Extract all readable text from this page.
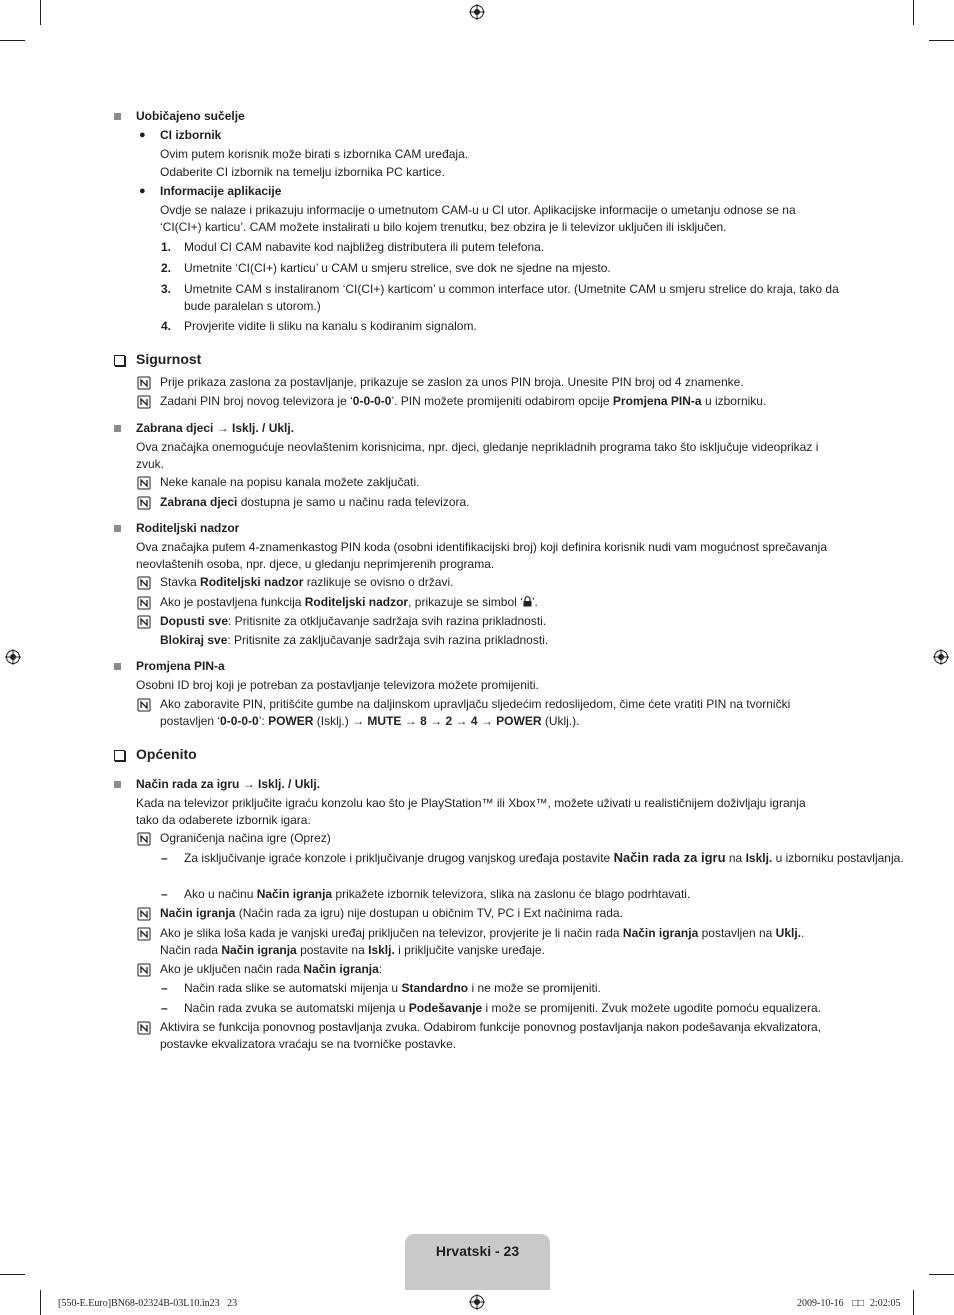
Uobičajeno sučelje
● CI izbornik
Ovim putem korisnik može birati s izbornika CAM uređaja.
Odaberite CI izbornik na temelju izbornika PC kartice.
● Informacije aplikacije
Ovdje se nalaze i prikazuju informacije o umetnutom CAM-u u CI utor. Aplikacijske informacije o umetanju odnose se na ‘CI(CI+) karticu’. CAM možete instalirati u bilo kojem trenutku, bez obzira je li televizor uključen ili isključen.
1. Modul CI CAM nabavite kod najbližeg distributera ili putem telefona.
2. Umetnite ‘CI(CI+) karticu’ u CAM u smjeru strelice, sve dok ne sjedne na mjesto.
3. Umetnite CAM s instaliranom ‘CI(CI+) karticom’ u common interface utor. (Umetnite CAM u smjeru strelice do kraja, tako da bude paralelan s utorom.)
4. Provjerite vidite li sliku na kanalu s kodiranim signalom.
Sigurnost
Prije prikaza zaslona za postavljanje, prikazuje se zaslon za unos PIN broja. Unesite PIN broj od 4 znamenke.
Zadani PIN broj novog televizora je ‘0-0-0-0’. PIN možete promijeniti odabirom opcije Promjena PIN-a u izborniku.
Zabrana djeci → Isklj. / Uklj.
Ova značajka onemogućuje neovlaštenim korisnicima, npr. djeci, gledanje neprikladnih programa tako što isključuje videoprikaz i zvuk.
Neke kanale na popisu kanala možete zaključati.
Zabrana djeci dostupna je samo u načinu rada televizora.
Roditeljski nadzor
Ova značajka putem 4-znamenkastog PIN koda (osobni identifikacijski broj) koji definira korisnik nudi vam mogućnost sprečavanja neovlaštenih osoba, npr. djece, u gledanju neprimjerenih programa.
Stavka Roditeljski nadzor razlikuje se ovisno o državi.
Ako je postavljena funkcija Roditeljski nadzor, prikazuje se simbol ‘ ’.
Dopusti sve: Pritisnite za otključavanje sadržaja svih razina prikladnosti.
Blokiraj sve: Pritisnite za zaključavanje sadržaja svih razina prikladnosti.
Promjena PIN-a
Osobni ID broj koji je potreban za postavljanje televizora možete promijeniti.
Ako zaboravite PIN, pritišćite gumbe na daljinskom upravljaču sljedećim redoslijedom, čime ćete vratiti PIN na tvornički
postavljen ‘0-0-0-0’: POWER (Isklj.) → MUTE → 8 → 2 → 4 → POWER (Uklj.).
Općenito
Način rada za igru → Isklj. / Uklj.
Kada na televizor priključite igraću konzolu kao što je PlayStation™ ili Xbox™, možete uživati u realističnijem doživljaju igranja tako da odaberete izbornik igara.
Ograničenja načina igre (Oprez)
– Za isključivanje igraće konzole i priključivanje drugog vanjskog uređaja postavite Način rada za igru na Isklj. u izborniku postavljanja.
– Ako u načinu Način igranja prikažete izbornik televizora, slika na zaslonu će blago podrhtavati.
Način igranja (Način rada za igru) nije dostupan u običnim TV, PC i Ext načinima rada.
Ako je slika loša kada je vanjski uređaj priključen na televizor, provjerite je li način rada Način igranja postavljen na Uklj..
Način rada Način igranja postavite na Isklj. i priključite vanjske uređaje.
Ako je uključen način rada Način igranja:
– Način rada slike se automatski mijenja u Standardno i ne može se promijeniti.
– Način rada zvuka se automatski mijenja u Podešavanje i može se promijeniti. Zvuk možete ugodite pomoću equalizera.
Aktivira se funkcija ponovnog postavljanja zvuka. Odabirom funkcije ponovnog postavljanja nakon podešavanja ekvalizatora, postavke ekvalizatora vraćaju se na tvorničke postavke.
Hrvatski - 23
[550-E.Euro]BN68-02324B-03L10.in23   23	2009-10-16 □□ 2:02:05
